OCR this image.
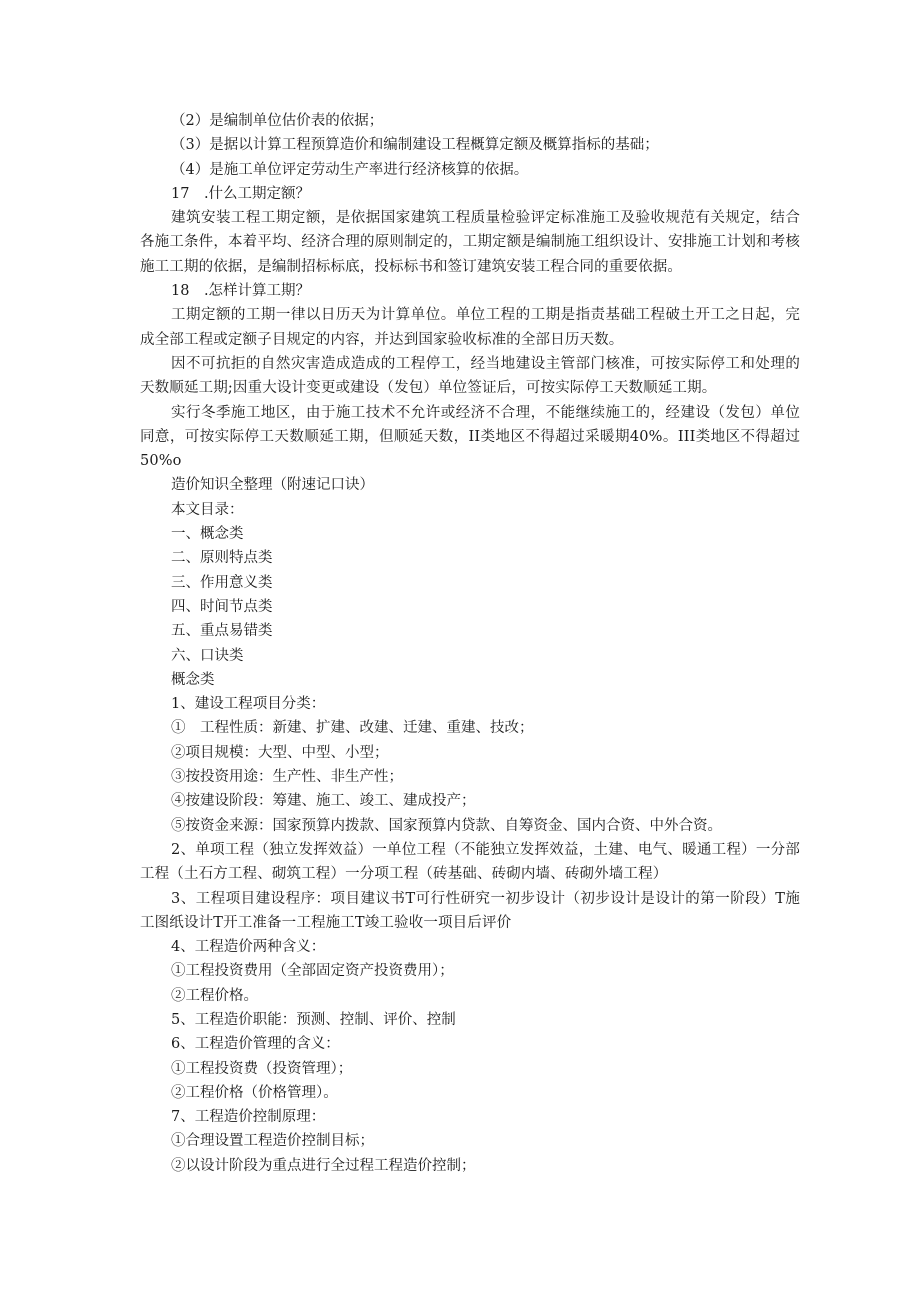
（2）是编制单位估价表的依据；

（3）是据以计算工程预算造价和编制建设工程概算定额及概算指标的基础；

（4）是施工单位评定劳动生产率进行经济核算的依据。

17　.什么工期定额？

建筑安装工程工期定额，是依据国家建筑工程质量检验评定标准施工及验收规范有关规定，结合各施工条件，本着平均、经济合理的原则制定的，工期定额是编制施工组织设计、安排施工计划和考核施工工期的依据，是编制招标标底，投标标书和签订建筑安装工程合同的重要依据。

18　.怎样计算工期？

工期定额的工期一律以日历天为计算单位。单位工程的工期是指责基础工程破土开工之日起，完成全部工程或定额子目规定的内容，并达到国家验收标准的全部日历天数。

因不可抗拒的自然灾害造成造成的工程停工，经当地建设主管部门核准，可按实际停工和处理的天数顺延工期;因重大设计变更或建设（发包）单位签证后，可按实际停工天数顺延工期。

实行冬季施工地区，由于施工技术不允许或经济不合理，不能继续施工的，经建设（发包）单位同意，可按实际停工天数顺延工期，但顺延天数，II类地区不得超过采暖期40%。III类地区不得超过50%o

造价知识全整理（附速记口诀）

本文目录：

一、概念类

二、原则特点类

三、作用意义类

四、时间节点类

五、重点易错类

六、口诀类

概念类

1、建设工程项目分类：

①　工程性质：新建、扩建、改建、迁建、重建、技改；

②项目规模：大型、中型、小型；

③按投资用途：生产性、非生产性；

④按建设阶段：筹建、施工、竣工、建成投产；

⑤按资金来源：国家预算内拨款、国家预算内贷款、自筹资金、国内合资、中外合资。

2、单项工程（独立发挥效益）一单位工程（不能独立发挥效益，土建、电气、暖通工程）一分部工程（土石方工程、砌筑工程）一分项工程（砖基础、砖砌内墙、砖砌外墙工程）

3、工程项目建设程序：项目建议书T可行性研究一初步设计（初步设计是设计的第一阶段）T施工图纸设计T开工准备一工程施工T竣工验收一项目后评价

4、工程造价两种含义：

①工程投资费用（全部固定资产投资费用）；

②工程价格。

5、工程造价职能：预测、控制、评价、控制

6、工程造价管理的含义：

①工程投资费（投资管理）；

②工程价格（价格管理）。

7、工程造价控制原理：

①合理设置工程造价控制目标；

②以设计阶段为重点进行全过程工程造价控制；
